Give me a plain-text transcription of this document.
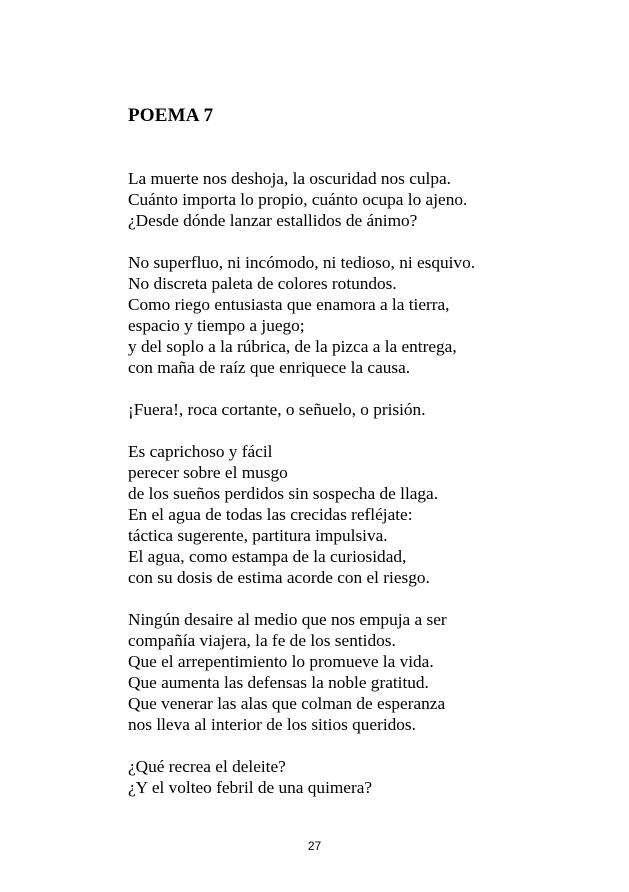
POEMA 7

La muerte nos deshoja, la oscuridad nos culpa.
Cuánto importa lo propio, cuánto ocupa lo ajeno.
¿Desde dónde lanzar estallidos de ánimo?

No superfluo, ni incómodo, ni tedioso, ni esquivo.
No discreta paleta de colores rotundos.
Como riego entusiasta que enamora a la tierra,
espacio y tiempo a juego;
y del soplo a la rúbrica, de la pizca a la entrega,
con maña de raíz que enriquece la causa.

¡Fuera!, roca cortante, o señuelo, o prisión.

Es caprichoso y fácil
perecer sobre el musgo
de los sueños perdidos sin sospecha de llaga.
En el agua de todas las crecidas refléjate:
táctica sugerente, partitura impulsiva.
El agua, como estampa de la curiosidad,
con su dosis de estima acorde con el riesgo.

Ningún desaire al medio que nos empuja a ser
compañía viajera, la fe de los sentidos.
Que el arrepentimiento lo promueve la vida.
Que aumenta las defensas la noble gratitud.
Que venerar las alas que colman de esperanza
nos lleva al interior de los sitios queridos.

¿Qué recrea el deleite?
¿Y el volteo febril de una quimera?

27
